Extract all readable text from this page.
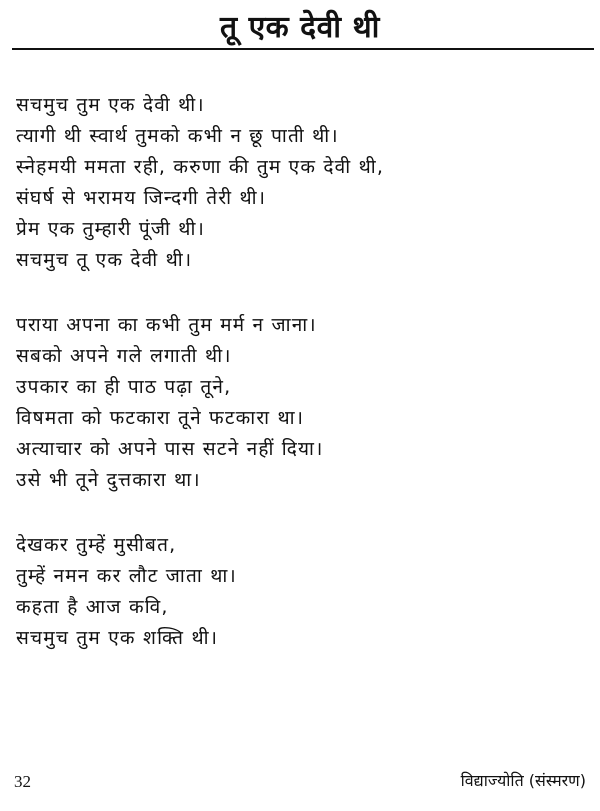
तू एक देवी थी
सचमुच तुम एक देवी थी।
त्यागी थी स्वार्थ तुमको कभी न छू पाती थी।
स्नेहमयी ममता रही, करुणा की तुम एक देवी थी,
संघर्ष से भरामय जिन्दगी तेरी थी।
प्रेम एक तुम्हारी पूंजी थी।
सचमुच तू एक देवी थी।
पराया अपना का कभी तुम मर्म न जाना।
सबको अपने गले लगाती थी।
उपकार का ही पाठ पढ़ा तूने,
विषमता को फटकारा तूने फटकारा था।
अत्याचार को अपने पास सटने नहीं दिया।
उसे भी तूने दुत्तकारा था।
देखकर तुम्हें मुसीबत,
तुम्हें नमन कर लौट जाता था।
कहता है आज कवि,
सचमुच तुम एक शक्ति थी।
32	विद्याज्योति (संस्मरण)
